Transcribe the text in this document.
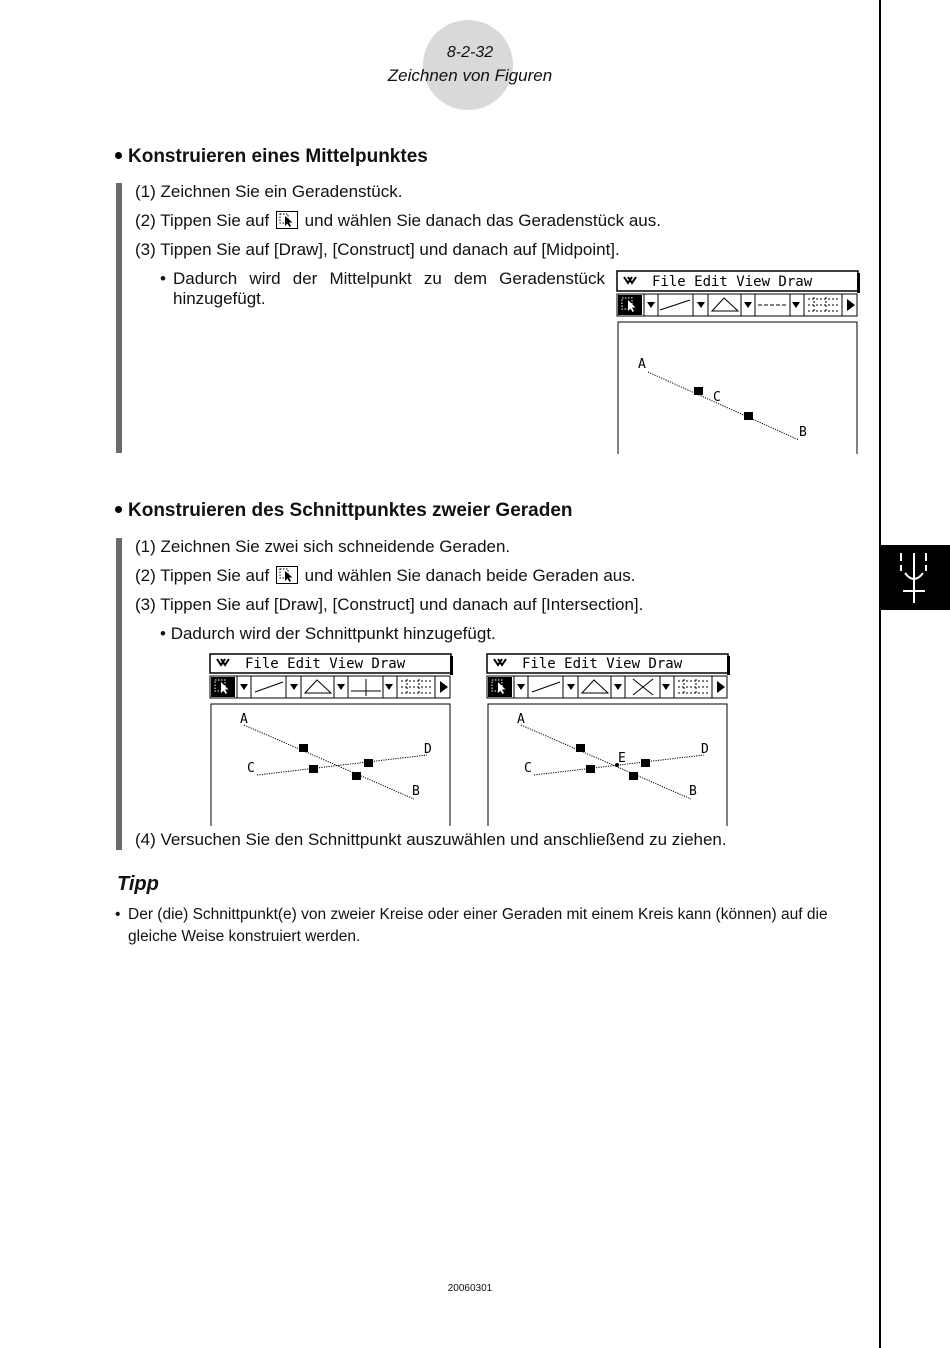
8-2-32
Zeichnen von Figuren
Konstruieren eines Mittelpunktes
(1) Zeichnen Sie ein Geradenstück.
(2) Tippen Sie auf und wählen Sie danach das Geradenstück aus.
(3) Tippen Sie auf [Draw], [Construct] und danach auf [Midpoint].
• Dadurch wird der Mittelpunkt zu dem Geradenstück
hinzugefügt.
File Edit View Draw
A
C
B
Konstruieren des Schnittpunktes zweier Geraden
(1) Zeichnen Sie zwei sich schneidende Geraden.
(2) Tippen Sie auf und wählen Sie danach beide Geraden aus.
(3) Tippen Sie auf [Draw], [Construct] und danach auf [Intersection].
• Dadurch wird der Schnittpunkt hinzugefügt.
File Edit View Draw
A
C
D
B
File Edit View Draw
A
C
E
D
B
(4) Versuchen Sie den Schnittpunkt auszuwählen und anschließend zu ziehen.
Tipp
• Der (die) Schnittpunkt(e) von zweier Kreise oder einer Geraden mit einem Kreis kann (können) auf die gleiche Weise konstruiert werden.
20060301
